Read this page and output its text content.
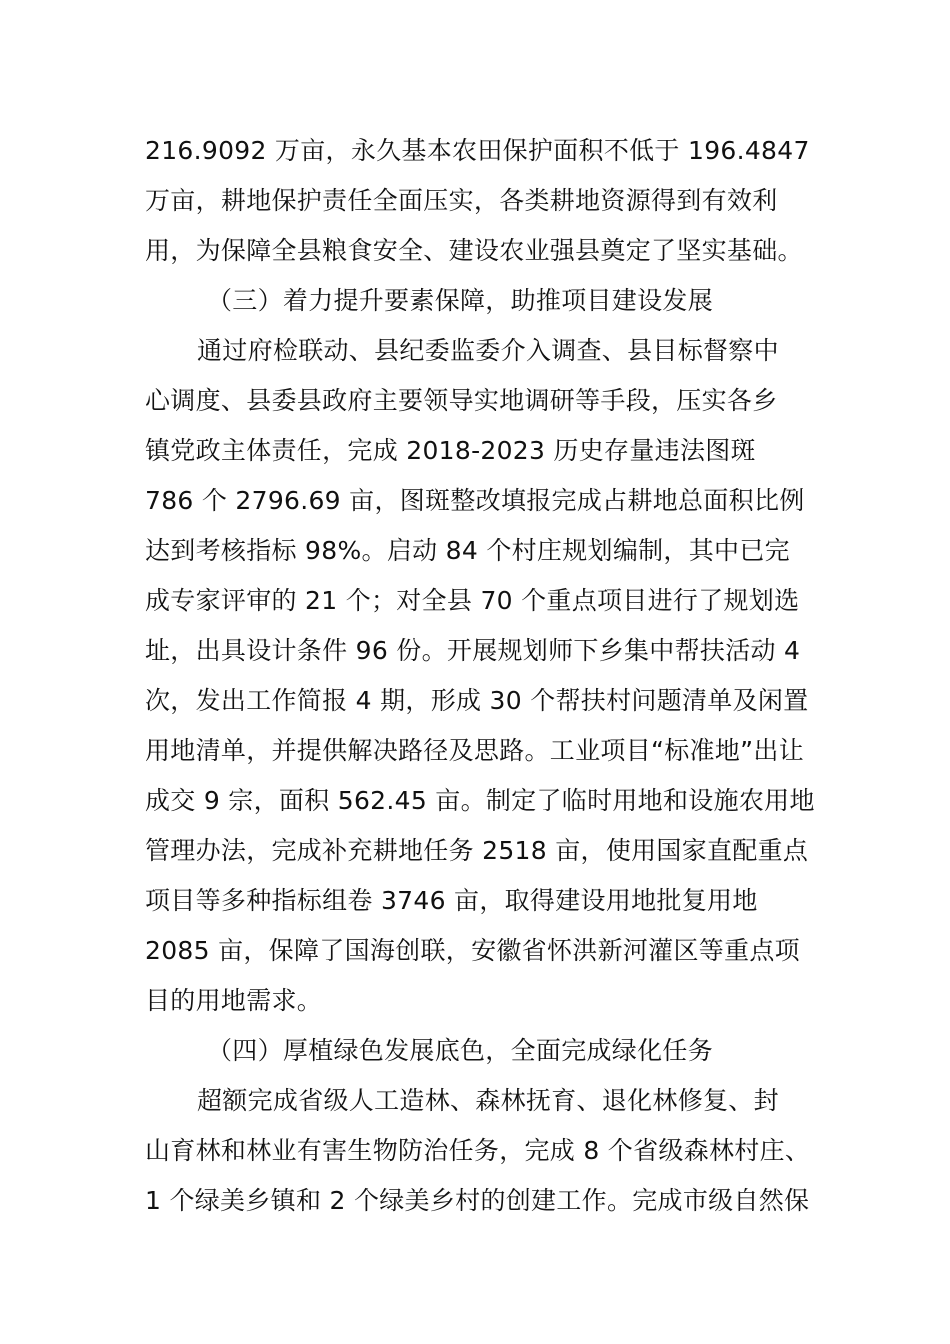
216.9092 万亩，永久基本农田保护面积不低于 196.4847
万亩，耕地保护责任全面压实，各类耕地资源得到有效利
用，为保障全县粮食安全、建设农业强县奠定了坚实基础。
（三）着力提升要素保障，助推项目建设发展
通过府检联动、县纪委监委介入调查、县目标督察中
心调度、县委县政府主要领导实地调研等手段，压实各乡
镇党政主体责任，完成 2018-2023 历史存量违法图斑
786 个 2796.69 亩，图斑整改填报完成占耕地总面积比例
达到考核指标 98%。启动 84 个村庄规划编制，其中已完
成专家评审的 21 个；对全县 70 个重点项目进行了规划选
址，出具设计条件 96 份。开展规划师下乡集中帮扶活动 4
次，发出工作简报 4 期，形成 30 个帮扶村问题清单及闲置
用地清单，并提供解决路径及思路。工业项目“标准地”出让
成交 9 宗，面积 562.45 亩。制定了临时用地和设施农用地
管理办法，完成补充耕地任务 2518 亩，使用国家直配重点
项目等多种指标组卷 3746 亩，取得建设用地批复用地
2085 亩，保障了国海创联，安徽省怀洪新河灌区等重点项
目的用地需求。
（四）厚植绿色发展底色，全面完成绿化任务
超额完成省级人工造林、森林抚育、退化林修复、封
山育林和林业有害生物防治任务，完成 8 个省级森林村庄、
1 个绿美乡镇和 2 个绿美乡村的创建工作。完成市级自然保
